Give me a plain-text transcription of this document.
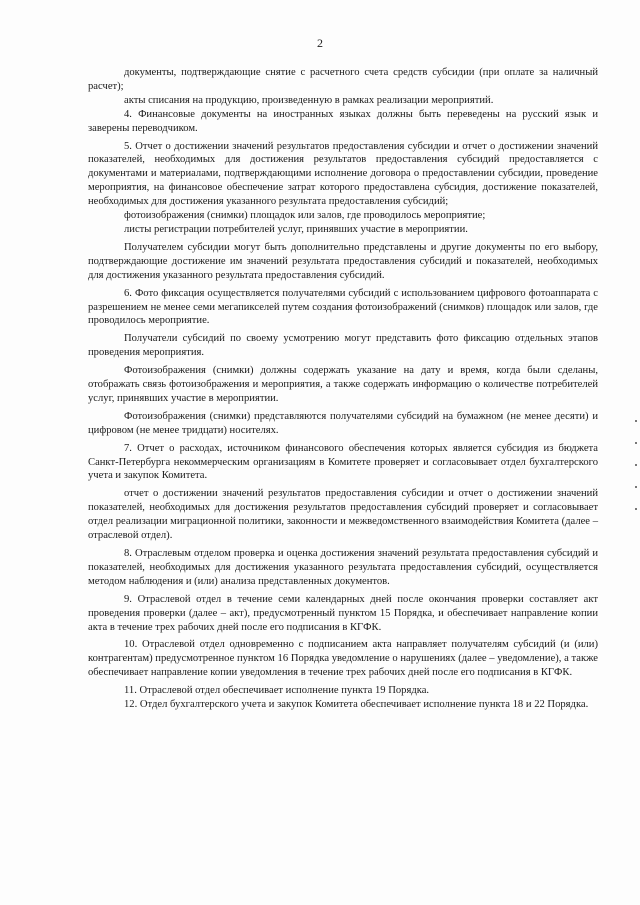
2

документы, подтверждающие снятие с расчетного счета средств субсидии (при оплате за наличный расчет);

акты списания на продукцию, произведенную в рамках реализации мероприятий.

4. Финансовые документы на иностранных языках должны быть переведены на русский язык и заверены переводчиком.

5. Отчет о достижении значений результатов предоставления субсидии и отчет о достижении значений показателей, необходимых для достижения результатов предоставления субсидий предоставляется с документами и материалами, подтверждающими исполнение договора о предоставлении субсидии, проведение мероприятия, на финансовое обеспечение затрат которого предоставлена субсидия, достижение показателей, необходимых для достижения указанного результата предоставления субсидий;

фотоизображения (снимки) площадок или залов, где проводилось мероприятие;

листы регистрации потребителей услуг, принявших участие в мероприятии.

Получателем субсидии могут быть дополнительно представлены и другие документы по его выбору, подтверждающие достижение им значений результата предоставления субсидий и показателей, необходимых для достижения указанного результата предоставления субсидий.

6. Фото фиксация осуществляется получателями субсидий с использованием цифрового фотоаппарата с разрешением не менее семи мегапикселей путем создания фотоизображений (снимков) площадок или залов, где проводилось мероприятие.

Получатели субсидий по своему усмотрению могут представить фото фиксацию отдельных этапов проведения мероприятия.

Фотоизображения (снимки) должны содержать указание на дату и время, когда были сделаны, отображать связь фотоизображения и мероприятия, а также содержать информацию о количестве потребителей услуг, принявших участие в мероприятии.

Фотоизображения (снимки) представляются получателями субсидий на бумажном (не менее десяти) и цифровом (не менее тридцати) носителях.

7. Отчет о расходах, источником финансового обеспечения которых является субсидия из бюджета Санкт-Петербурга некоммерческим организациям в Комитете проверяет и согласовывает отдел бухгалтерского учета и закупок Комитета.

отчет о достижении значений результатов предоставления субсидии и отчет о достижении значений показателей, необходимых для достижения результатов предоставления субсидий проверяет и согласовывает отдел реализации миграционной политики, законности и межведомственного взаимодействия Комитета (далее – отраслевой отдел).

8. Отраслевым отделом проверка и оценка достижения значений результата предоставления субсидий и показателей, необходимых для достижения указанного результата предоставления субсидий, осуществляется методом наблюдения и (или) анализа представленных документов.

9. Отраслевой отдел в течение семи календарных дней после окончания проверки составляет акт проведения проверки (далее – акт), предусмотренный пунктом 15 Порядка, и обеспечивает направление копии акта в течение трех рабочих дней после его подписания в КГФК.

10. Отраслевой отдел одновременно с подписанием акта направляет получателям субсидий (и (или) контрагентам) предусмотренное пунктом 16 Порядка уведомление о нарушениях (далее – уведомление), а также обеспечивает направление копии уведомления в течение трех рабочих дней после его подписания в КГФК.

11. Отраслевой отдел обеспечивает исполнение пункта 19 Порядка.

12. Отдел бухгалтерского учета и закупок Комитета обеспечивает исполнение пункта 18 и 22 Порядка.
